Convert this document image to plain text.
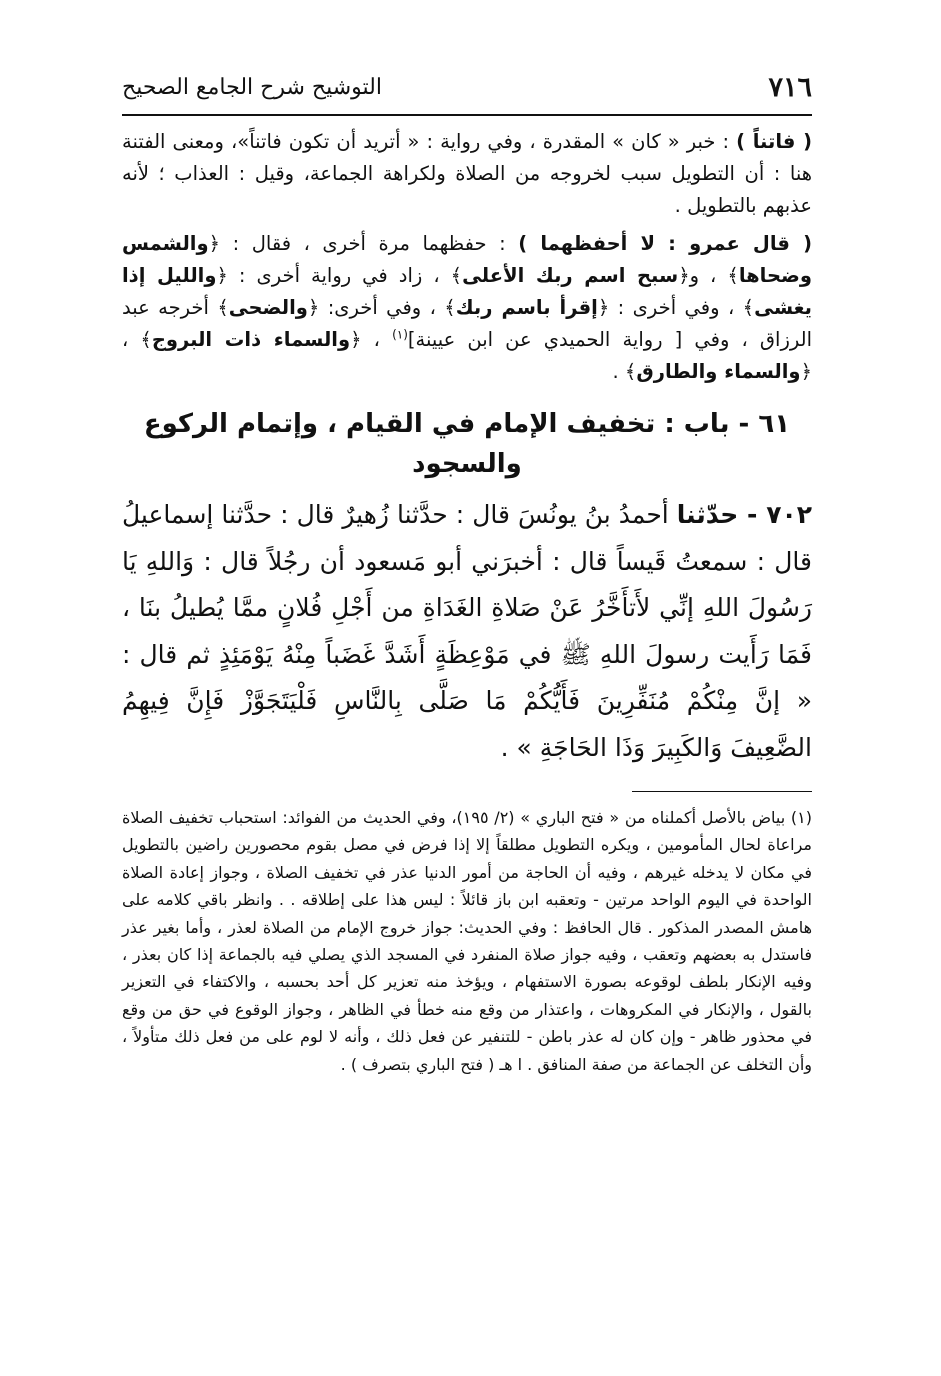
٧١٦
التوشيح شرح الجامع الصحيح

( فاتناً ) : خبر « كان » المقدرة ، وفي رواية : « أتريد أن تكون فاتناً»، ومعنى الفتنة هنا : أن التطويل سبب لخروجه من الصلاة ولكراهة الجماعة، وقيل : العذاب ؛ لأنه عذبهم بالتطويل .

( قال عمرو : لا أحفظهما ) : حفظهما مرة أخرى ، فقال : ﴿والشمس وضحاها﴾ ، و﴿سبح اسم ربك الأعلى﴾ ، زاد في رواية أخرى : ﴿والليل إذا يغشى﴾ ، وفي أخرى : ﴿إقرأ باسم ربك﴾ ، وفي أخرى: ﴿والضحى﴾ أخرجه عبد الرزاق ، وفي [ رواية الحميدي عن ابن عيينة]$^{(١)}$ ، ﴿والسماء ذات البروج﴾ ، ﴿والسماء والطارق﴾ .

٦١ - باب : تخفيف الإمام في القيام ، وإتمام الركوع والسجود

٧٠٢ - حدّثنا أحمدُ بنُ يونُسَ قال : حدَّثنا زُهيرٌ قال : حدَّثنا إسماعيلُ قال : سمعتُ قَيساً قال : أخبرَني أبو مَسعود أن رجُلاً قال : وَاللهِ يَا رَسُولَ اللهِ إنِّي لأَتأَخَّرُ عَنْ صَلاةِ الغَدَاةِ من أَجْلِ فُلانٍ ممَّا يُطيلُ بنَا ، فَمَا رَأَيت رسولَ اللهِ ﷺ في مَوْعِظَةٍ أَشَدَّ غَضَباً مِنْهُ يَوْمَئِذٍ ثم قال : « إنَّ مِنْكُمْ مُنَفِّرِينَ فَأَيُّكُمْ مَا صَلَّى بِالنَّاسِ فَلْيَتَجَوَّزْ فَإِنَّ فِيهِمُ الضَّعِيفَ وَالكَبِيرَ وَذَا الحَاجَةِ » .

(١) بياض بالأصل أكملناه من « فتح الباري » (٢/ ١٩٥)، وفي الحديث من الفوائد: استحباب تخفيف الصلاة مراعاة لحال المأمومين ، ويكره التطويل مطلقاً إلا إذا فرض في مصل بقوم محصورين راضين بالتطويل في مكان لا يدخله غيرهم ، وفيه أن الحاجة من أمور الدنيا عذر في تخفيف الصلاة ، وجواز إعادة الصلاة الواحدة في اليوم الواحد مرتين - وتعقبه ابن باز قائلاً : ليس هذا على إطلاقه . . وانظر باقي كلامه على هامش المصدر المذكور . قال الحافظ : وفي الحديث: جواز خروج الإمام من الصلاة لعذر ، وأما بغير عذر فاستدل به بعضهم وتعقب ، وفيه جواز صلاة المنفرد في المسجد الذي يصلي فيه بالجماعة إذا كان بعذر ، وفيه الإنكار بلطف لوقوعه بصورة الاستفهام ، ويؤخذ منه تعزير كل أحد بحسبه ، والاكتفاء في التعزير بالقول ، والإنكار في المكروهات ، واعتذار من وقع منه خطأ في الظاهر ، وجواز الوقوع في حق من وقع في محذور ظاهر - وإن كان له عذر باطن - للتنفير عن فعل ذلك ، وأنه لا لوم على من فعل ذلك متأولاً ، وأن التخلف عن الجماعة من صفة المنافق . ا هـ ( فتح الباري بتصرف ) .
